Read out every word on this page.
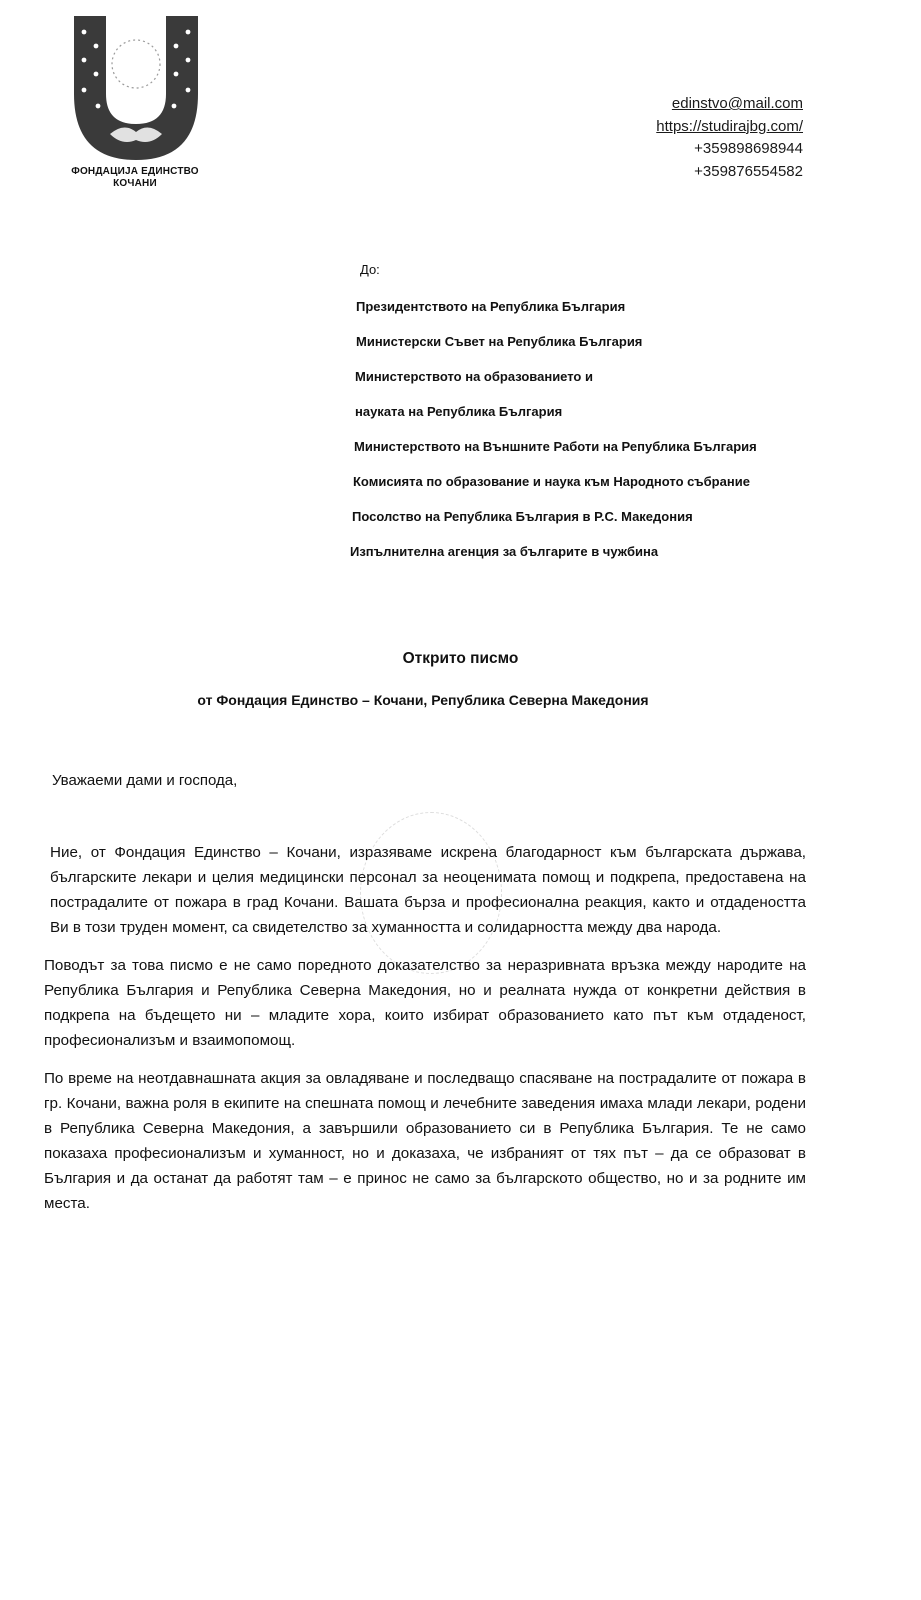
ФОНДАЦИЈА ЕДИНСТВО
КОЧАНИ
edinstvo@mail.com
https://studirajbg.com/
+359898698944
+359876554582
До:
Президентството на Република България
Министерски Съвет на Република България
Министерството на образованието и
науката на Република България
Министерството на Външните Работи на Република България
Комисията по образование и наука към Народното събрание
Посолство на Република България в Р.С. Македония
Изпълнителна агенция за българите в чужбина
Открито писмо
от Фондация Единство – Кочани, Република Северна Македония
Уважаеми дами и господа,

Ние, от Фондация Единство – Кочани, изразяваме искрена благодарност към българската държава, българските лекари и целия медицински персонал за неоценимата помощ и подкрепа, предоставена на пострадалите от пожара в град Кочани. Вашата бърза и професионална реакция, както и отдадеността Ви в този труден момент, са свидетелство за хуманността и солидарността между два народа.

Поводът за това писмо е не само поредното доказателство за неразривната връзка между народите на Република България и Република Северна Македония, но и реалната нужда от конкретни действия в подкрепа на бъдещето ни – младите хора, които избират образованието като път към отдаденост, професионализъм и взаимопомощ.

По време на неотдавнашната акция за овладяване и последващо спасяване на пострадалите от пожара в гр. Кочани, важна роля в екипите на спешната помощ и лечебните заведения имаха млади лекари, родени в Република Северна Македония, а завършили образованието си в Република България. Те не само показаха професионализъм и хуманност, но и доказаха, че избраният от тях път – да се образоват в България и да останат да работят там – е принос не само за българското общество, но и за родните им места.
